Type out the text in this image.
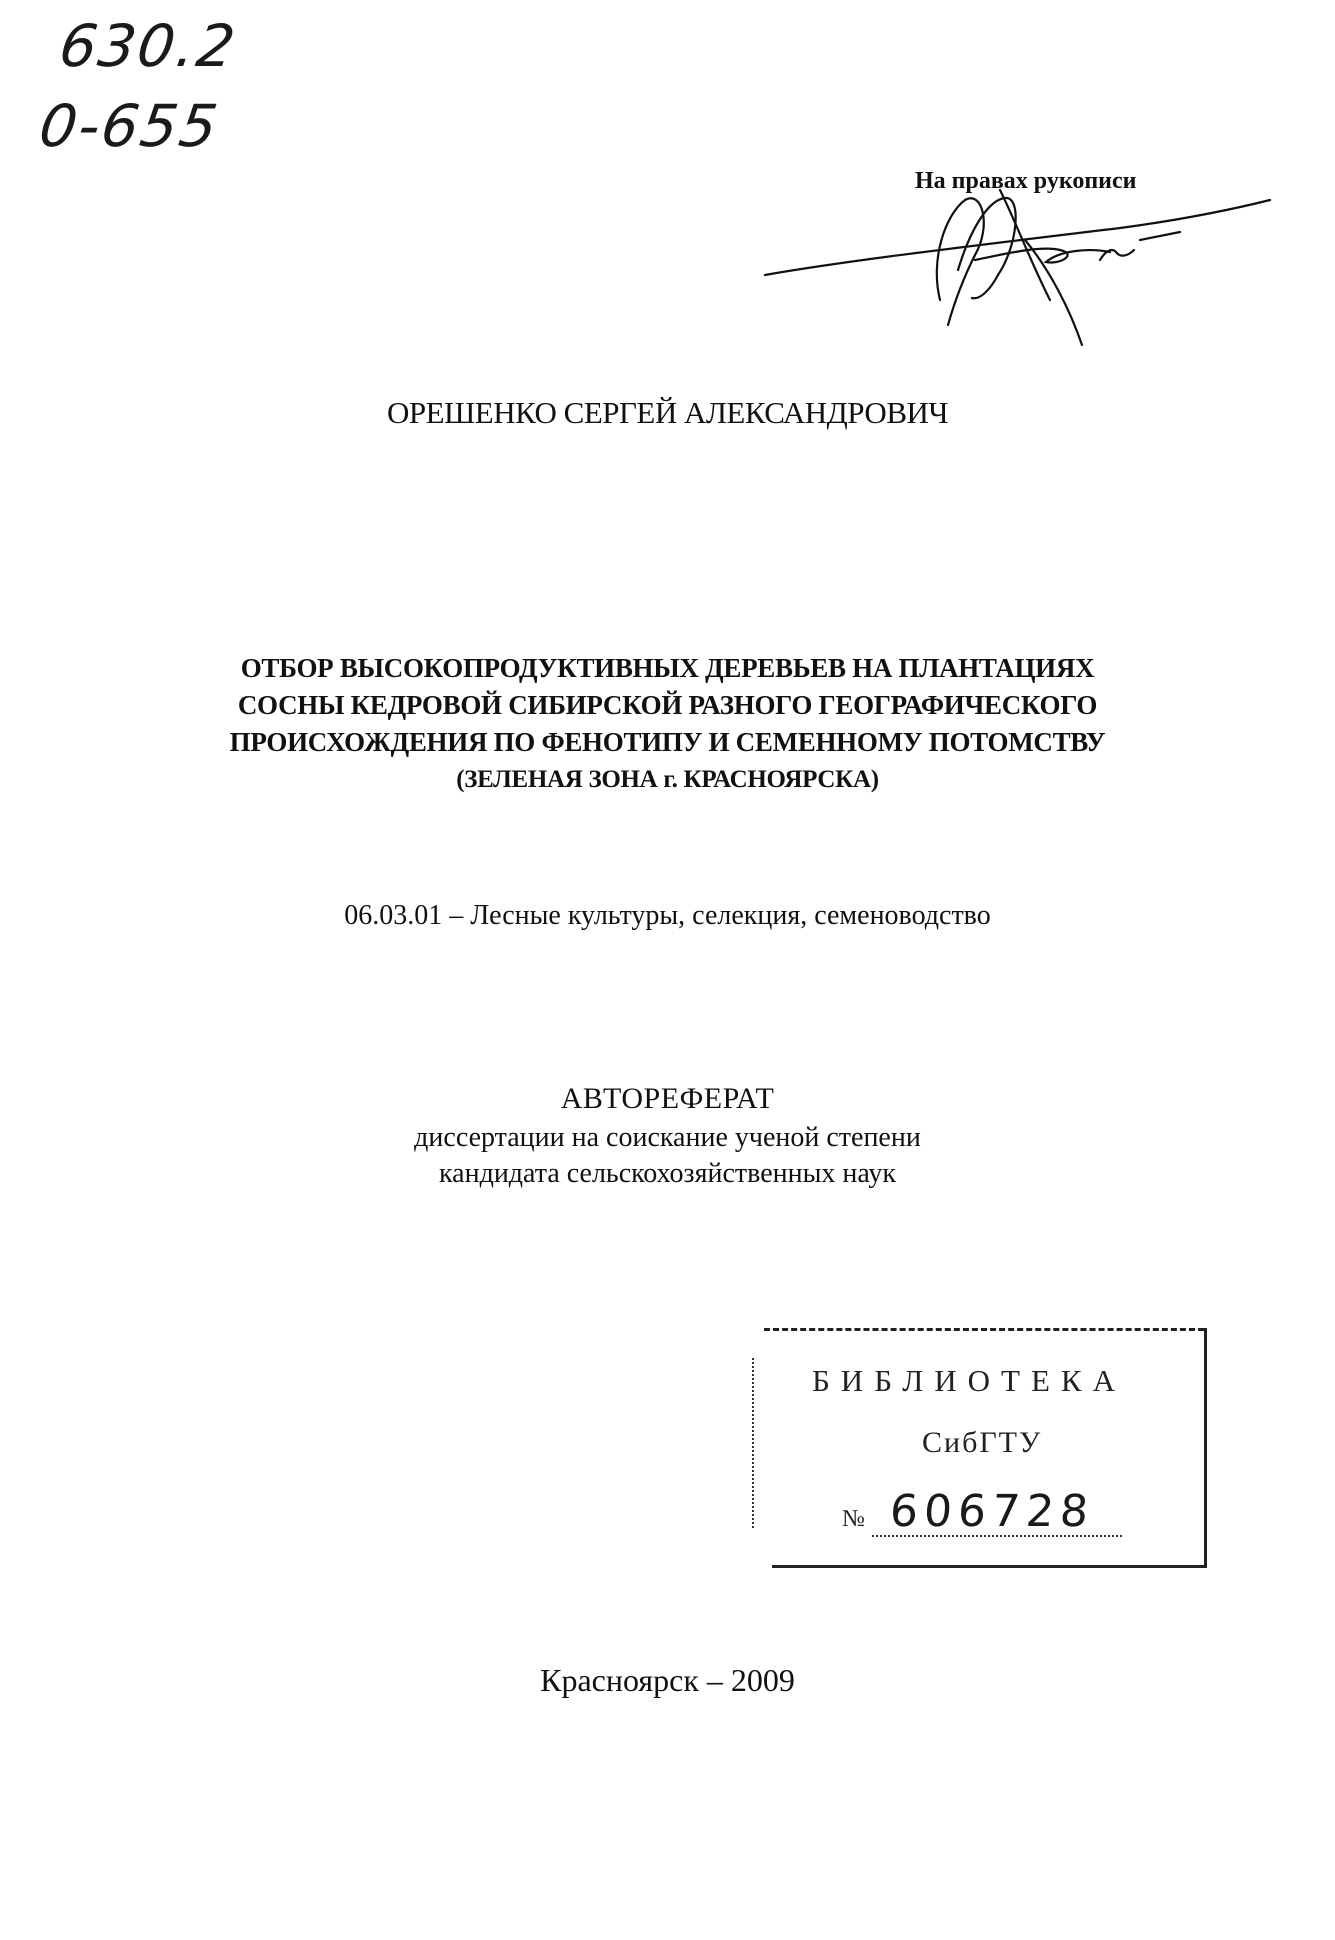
630.2
0-655
На правах рукописи
ОРЕШЕНКО СЕРГЕЙ АЛЕКСАНДРОВИЧ
ОТБОР ВЫСОКОПРОДУКТИВНЫХ ДЕРЕВЬЕВ НА ПЛАНТАЦИЯХ
СОСНЫ КЕДРОВОЙ СИБИРСКОЙ РАЗНОГО ГЕОГРАФИЧЕСКОГО
ПРОИСХОЖДЕНИЯ ПО ФЕНОТИПУ И СЕМЕННОМУ ПОТОМСТВУ
(ЗЕЛЕНАЯ ЗОНА г. КРАСНОЯРСКА)
06.03.01 – Лесные культуры, селекция, семеноводство
АВТОРЕФЕРАТ
диссертации на соискание ученой степени
кандидата сельскохозяйственных наук
БИБЛИОТЕКА
СибГТУ
№ 606728
Красноярск – 2009
